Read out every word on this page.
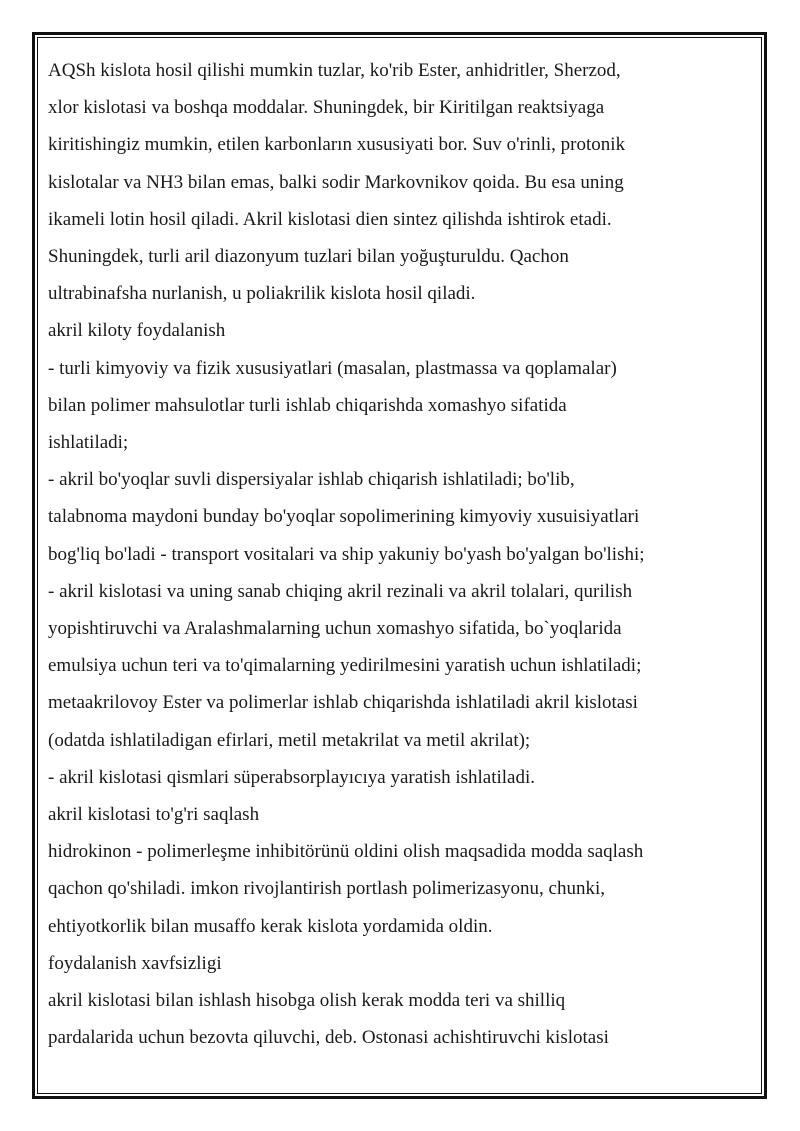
AQSh kislota hosil qilishi mumkin tuzlar, ko'rib Ester, anhidritler, Sherzod,
xlor kislotasi va boshqa moddalar. Shuningdek, bir Kiritilgan reaktsiyaga
kiritishingiz mumkin, etilen karbonların xususiyati bor. Suv o'rinli, protonik
kislotalar va NH3 bilan emas, balki sodir Markovnikov qoida. Bu esa uning
ikameli lotin hosil qiladi. Akril kislotasi dien sintez qilishda ishtirok etadi.
Shuningdek, turli aril diazonyum tuzlari bilan yoğuşturuldu. Qachon
ultrabinafsha nurlanish, u poliakrilik kislota hosil qiladi.
akril kiloty foydalanish
- turli kimyoviy va fizik xususiyatlari (masalan, plastmassa va qoplamalar)
bilan polimer mahsulotlar turli ishlab chiqarishda xomashyo sifatida
ishlatiladi;
- akril bo'yoqlar suvli dispersiyalar ishlab chiqarish ishlatiladi; bo'lib,
talabnoma maydoni bunday bo'yoqlar sopolimerining kimyoviy xusuisiyatlari
bog'liq bo'ladi - transport vositalari va ship yakuniy bo'yash bo'yalgan bo'lishi;
- akril kislotasi va uning sanab chiqing akril rezinali va akril tolalari, qurilish
yopishtiruvchi va Aralashmalarning uchun xomashyo sifatida, bo`yoqlarida
emulsiya uchun teri va to'qimalarning yedirilmesini yaratish uchun ishlatiladi;
metaakrilovoy Ester va polimerlar ishlab chiqarishda ishlatiladi akril kislotasi
(odatda ishlatiladigan efirlari, metil metakrilat va metil akrilat);
- akril kislotasi qismlari süperabsorplayıcıya yaratish ishlatiladi.
akril kislotasi to'g'ri saqlash
hidrokinon - polimerleşme inhibitörünü oldini olish maqsadida modda saqlash
qachon qo'shiladi. imkon rivojlantirish portlash polimerizasyonu, chunki,
ehtiyotkorlik bilan musaffo kerak kislota yordamida oldin.
foydalanish xavfsizligi
akril kislotasi bilan ishlash hisobga olish kerak modda teri va shilliq
pardalarida uchun bezovta qiluvchi, deb. Ostonasi achishtiruvchi kislotasi
